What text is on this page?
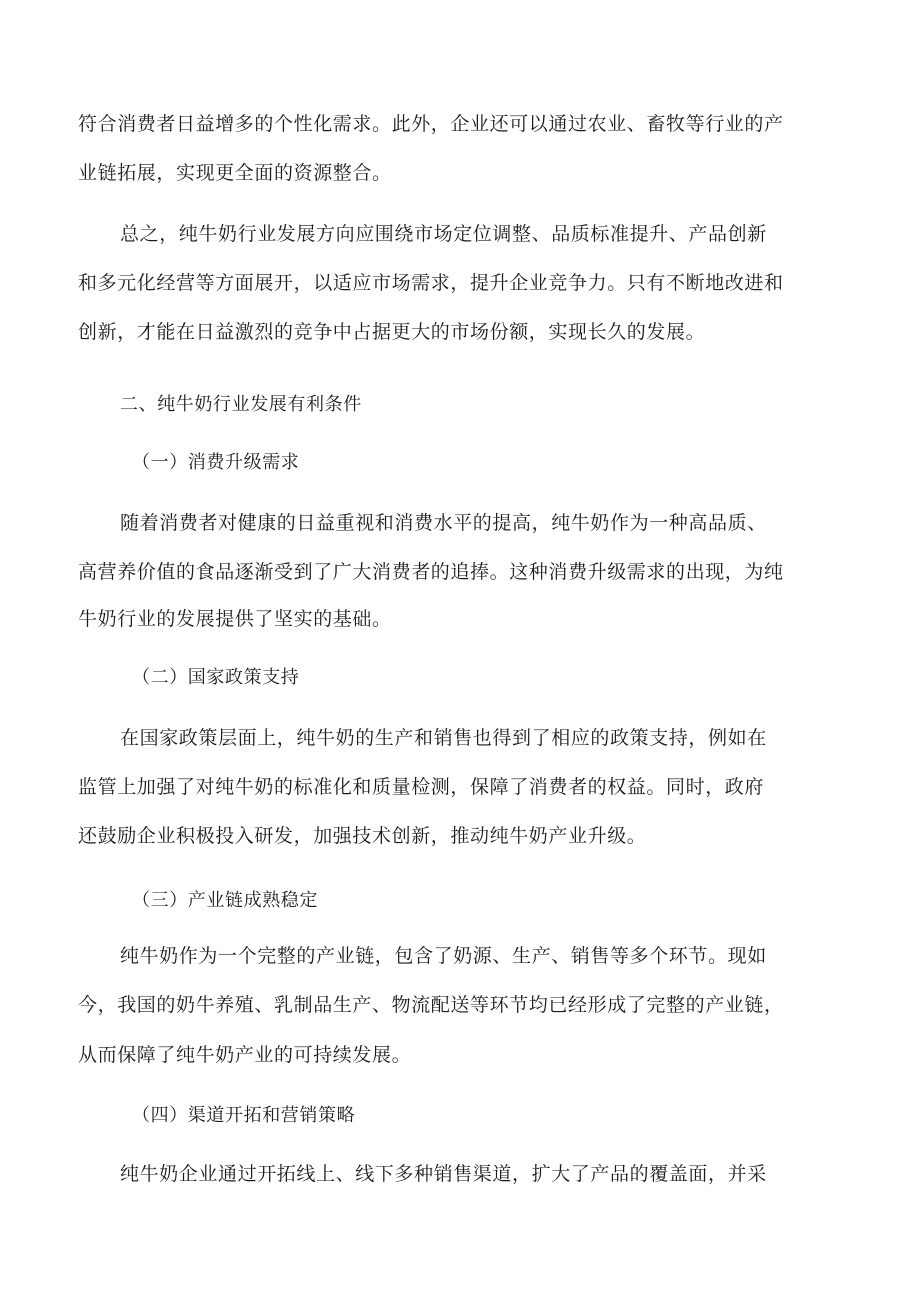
符合消费者日益增多的个性化需求。此外，企业还可以通过农业、畜牧等行业的产
业链拓展，实现更全面的资源整合。
总之，纯牛奶行业发展方向应围绕市场定位调整、品质标准提升、产品创新
和多元化经营等方面展开，以适应市场需求，提升企业竞争力。只有不断地改进和
创新，才能在日益激烈的竞争中占据更大的市场份额，实现长久的发展。
二、纯牛奶行业发展有利条件
（一）消费升级需求
随着消费者对健康的日益重视和消费水平的提高，纯牛奶作为一种高品质、
高营养价值的食品逐渐受到了广大消费者的追捧。这种消费升级需求的出现，为纯
牛奶行业的发展提供了坚实的基础。
（二）国家政策支持
在国家政策层面上，纯牛奶的生产和销售也得到了相应的政策支持，例如在
监管上加强了对纯牛奶的标准化和质量检测，保障了消费者的权益。同时，政府
还鼓励企业积极投入研发，加强技术创新，推动纯牛奶产业升级。
（三）产业链成熟稳定
纯牛奶作为一个完整的产业链，包含了奶源、生产、销售等多个环节。现如
今，我国的奶牛养殖、乳制品生产、物流配送等环节均已经形成了完整的产业链，
从而保障了纯牛奶产业的可持续发展。
（四）渠道开拓和营销策略
纯牛奶企业通过开拓线上、线下多种销售渠道，扩大了产品的覆盖面，并采
